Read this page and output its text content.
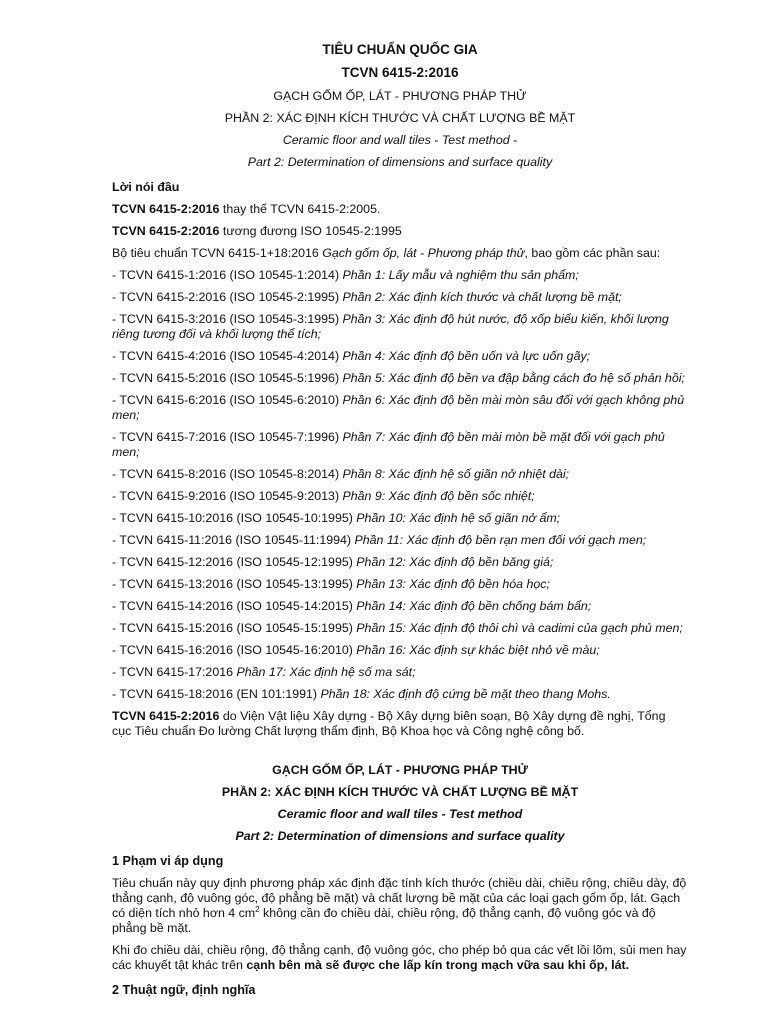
TIÊU CHUẨN QUỐC GIA
TCVN 6415-2:2016
GẠCH GỐM ỐP, LÁT - PHƯƠNG PHÁP THỬ
PHẦN 2: XÁC ĐỊNH KÍCH THƯỚC VÀ CHẤT LƯỢNG BỀ MẶT
Ceramic floor and wall tiles - Test method -
Part 2: Determination of dimensions and surface quality
Lời nói đầu
TCVN 6415-2:2016 thay thế TCVN 6415-2:2005.
TCVN 6415-2:2016 tương đương ISO 10545-2:1995
Bộ tiêu chuẩn TCVN 6415-1+18:2016 Gạch gốm ốp, lát - Phương pháp thử, bao gồm các phần sau:
- TCVN 6415-1:2016 (ISO 10545-1:2014) Phần 1: Lấy mẫu và nghiệm thu sản phẩm;
- TCVN 6415-2:2016 (ISO 10545-2:1995) Phần 2: Xác định kích thước và chất lượng bề mặt;
- TCVN 6415-3:2016 (ISO 10545-3:1995) Phần 3: Xác định độ hút nước, độ xốp biểu kiến, khối lượng riêng tương đối và khối lượng thể tích;
- TCVN 6415-4:2016 (ISO 10545-4:2014) Phần 4: Xác định độ bền uốn và lực uốn gãy;
- TCVN 6415-5:2016 (ISO 10545-5:1996) Phần 5: Xác định độ bền va đập bằng cách đo hệ số phản hồi;
- TCVN 6415-6:2016 (ISO 10545-6:2010) Phần 6: Xác định độ bền mài mòn sâu đối với gạch không phủ men;
- TCVN 6415-7:2016 (ISO 10545-7:1996) Phần 7: Xác định độ bền mài mòn bề mặt đối với gạch phủ men;
- TCVN 6415-8:2016 (ISO 10545-8:2014) Phần 8: Xác định hệ số giãn nở nhiệt dài;
- TCVN 6415-9:2016 (ISO 10545-9:2013) Phần 9: Xác định độ bền sốc nhiệt;
- TCVN 6415-10:2016 (ISO 10545-10:1995) Phần 10: Xác định hệ số giãn nở ẩm;
- TCVN 6415-11:2016 (ISO 10545-11:1994) Phần 11: Xác định độ bền rạn men đối với gạch men;
- TCVN 6415-12:2016 (ISO 10545-12:1995) Phần 12: Xác định độ bền băng giá;
- TCVN 6415-13:2016 (ISO 10545-13:1995) Phần 13: Xác định độ bền hóa học;
- TCVN 6415-14:2016 (ISO 10545-14:2015) Phần 14: Xác định độ bền chống bám bẩn;
- TCVN 6415-15:2016 (ISO 10545-15:1995) Phần 15: Xác định độ thôi chì và cadimi của gạch phủ men;
- TCVN 6415-16:2016 (ISO 10545-16:2010) Phần 16: Xác định sự khác biệt nhỏ về màu;
- TCVN 6415-17:2016 Phần 17: Xác định hệ số ma sát;
- TCVN 6415-18:2016 (EN 101:1991) Phần 18: Xác định độ cứng bề mặt theo thang Mohs.
TCVN 6415-2:2016 do Viện Vật liệu Xây dựng - Bộ Xây dựng biên soạn, Bộ Xây dựng đề nghị, Tổng cục Tiêu chuẩn Đo lường Chất lượng thẩm định, Bộ Khoa học và Công nghệ công bố.
GẠCH GỐM ỐP, LÁT - PHƯƠNG PHÁP THỬ
PHẦN 2: XÁC ĐỊNH KÍCH THƯỚC VÀ CHẤT LƯỢNG BỀ MẶT
Ceramic floor and wall tiles - Test method
Part 2: Determination of dimensions and surface quality
1 Phạm vi áp dụng
Tiêu chuẩn này quy định phương pháp xác định đặc tính kích thước (chiều dài, chiều rộng, chiều dày, độ thẳng cạnh, độ vuông góc, độ phẳng bề mặt) và chất lượng bề mặt của các loại gạch gốm ốp, lát. Gạch có diện tích nhỏ hơn 4 $cm^2$ không cần đo chiều dài, chiều rộng, độ thẳng cạnh, độ vuông góc và độ phẳng bề mặt.
Khi đo chiều dài, chiều rộng, độ thẳng cạnh, độ vuông góc, cho phép bỏ qua các vết lồi lõm, sủi men hay các khuyết tật khác trên cạnh bên mà sẽ được che lấp kín trong mạch vữa sau khi ốp, lát.
2 Thuật ngữ, định nghĩa
